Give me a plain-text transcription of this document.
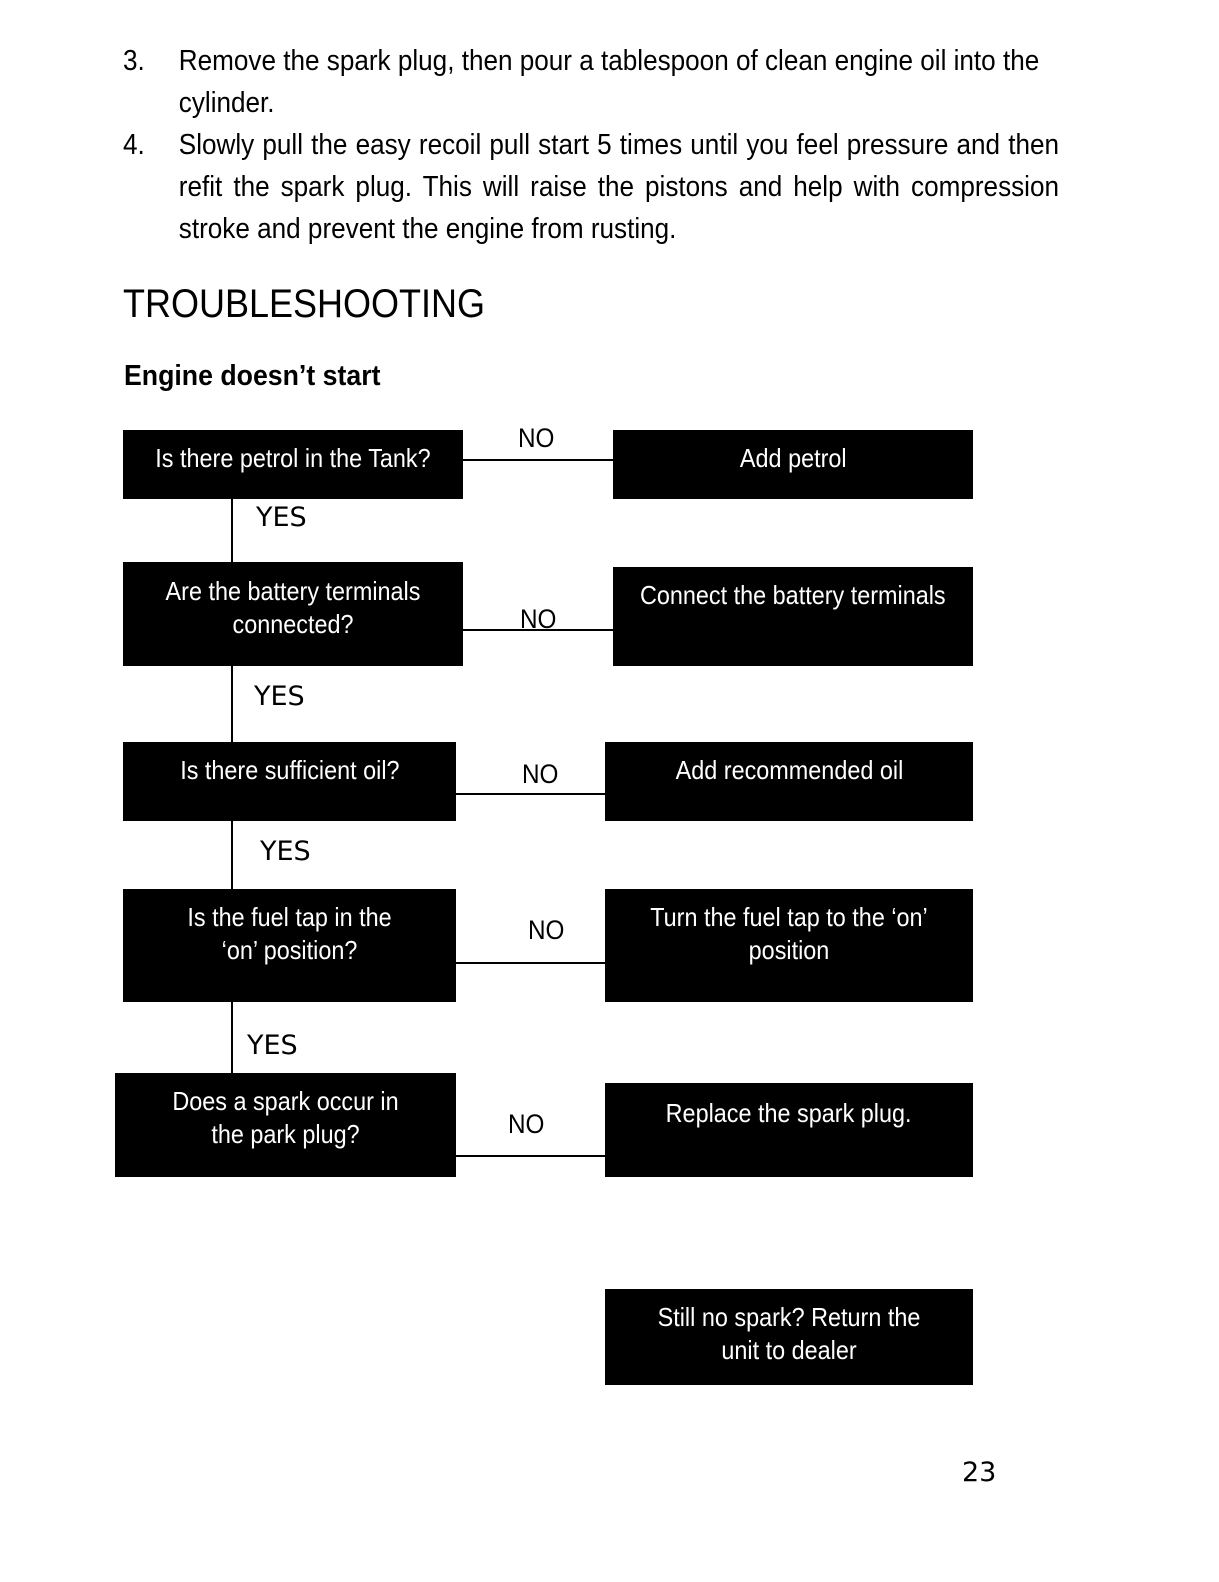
3. Remove the spark plug, then pour a tablespoon of clean engine oil into the cylinder.
4. Slowly pull the easy recoil pull start 5 times until you feel pressure and then refit the spark plug. This will raise the pistons and help with compression stroke and prevent the engine from rusting.
TROUBLESHOOTING
Engine doesn’t start
Is there petrol in the Tank?
NO
Add petrol
YES
Are the battery terminals connected?	NO
Connect the battery terminals
YES
Is there sufficient oil?	NO	Add recommended oil
YES
Is the fuel tap in the ‘on’ position?
NO	Turn the fuel tap to the ‘on’ position
YES
Does a spark occur in the park plug?	NO	Replace the spark plug.
Still no spark? Return the unit to dealer
23
